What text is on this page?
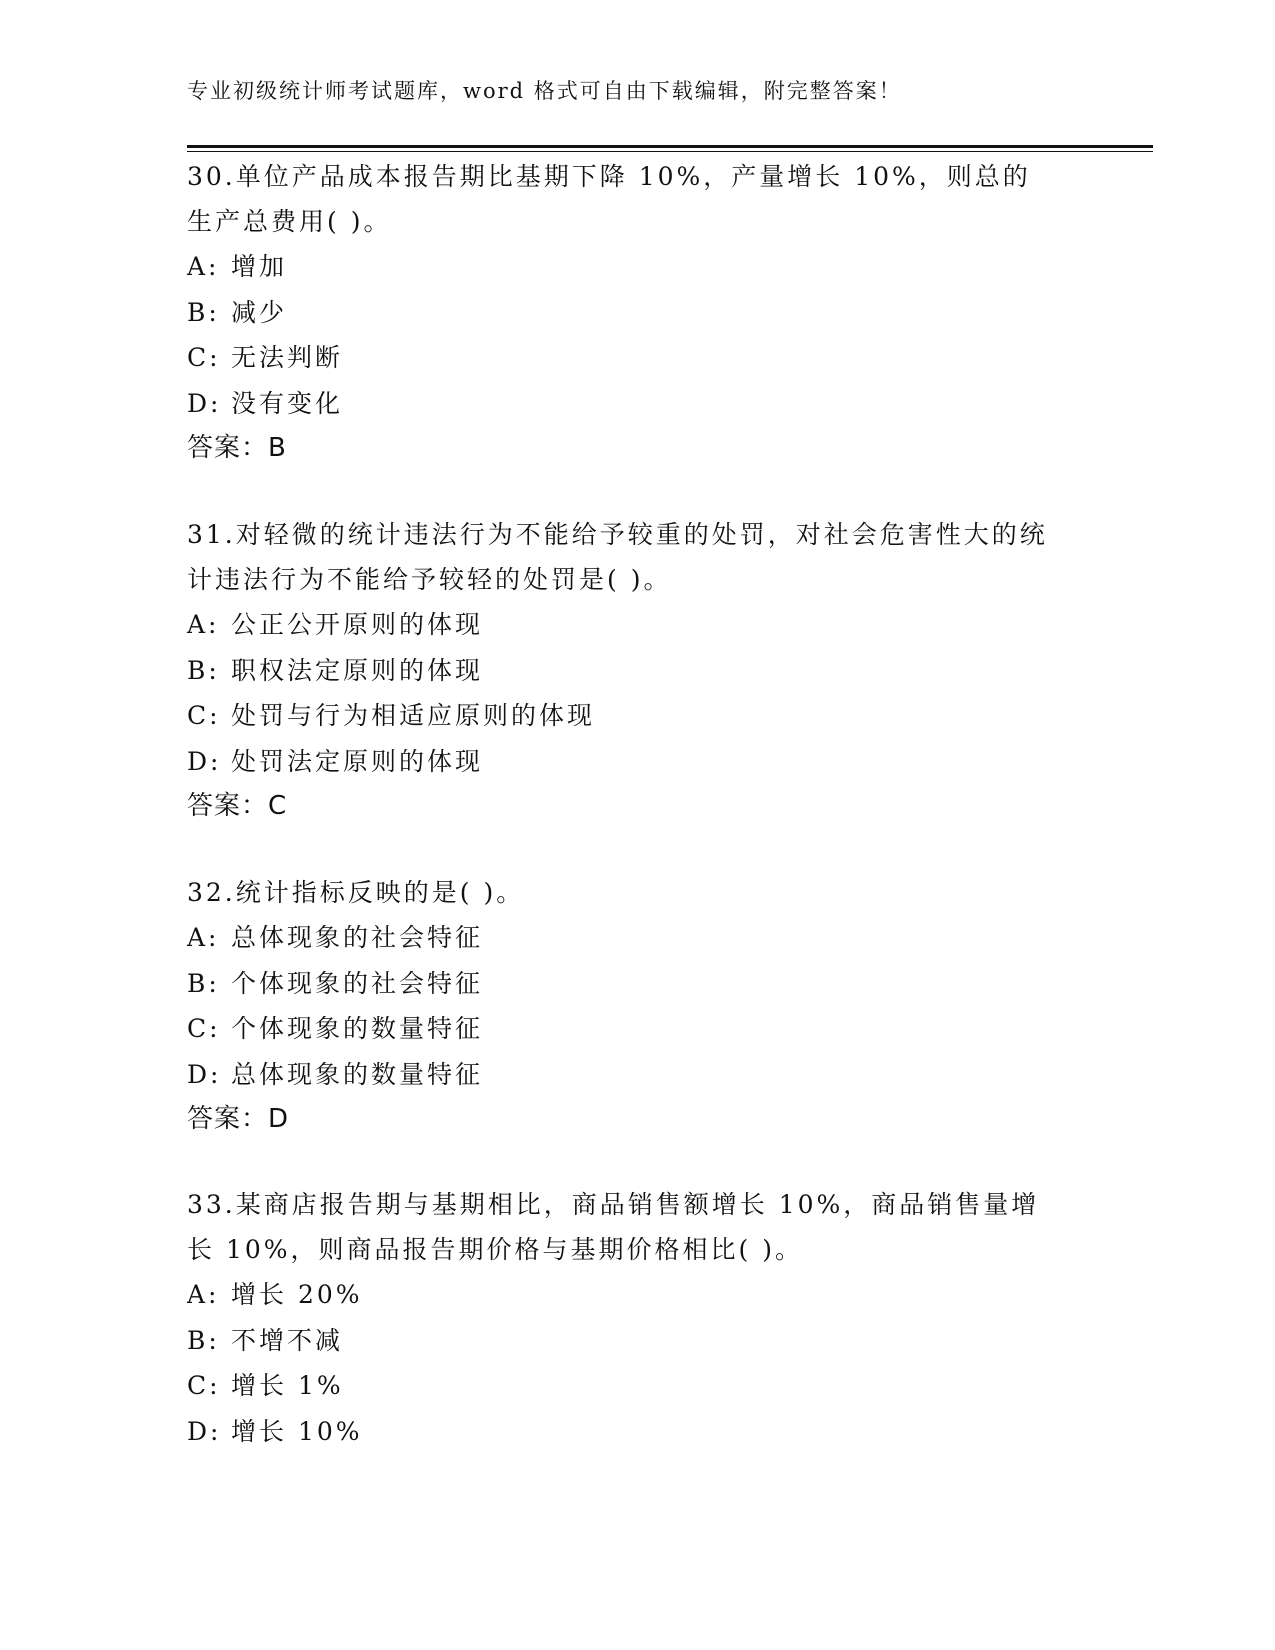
专业初级统计师考试题库，word 格式可自由下载编辑，附完整答案！

30.单位产品成本报告期比基期下降 10%，产量增长 10%，则总的生产总费用( )。

A: 增加

B: 减少

C: 无法判断

D: 没有变化

答案：B

31.对轻微的统计违法行为不能给予较重的处罚，对社会危害性大的统计违法行为不能给予较轻的处罚是( )。

A: 公正公开原则的体现

B: 职权法定原则的体现

C: 处罚与行为相适应原则的体现

D: 处罚法定原则的体现

答案：C

32.统计指标反映的是( )。

A: 总体现象的社会特征

B: 个体现象的社会特征

C: 个体现象的数量特征

D: 总体现象的数量特征

答案：D

33.某商店报告期与基期相比，商品销售额增长 10%，商品销售量增长 10%，则商品报告期价格与基期价格相比( )。

A: 增长 20%

B: 不增不减

C: 增长 1%

D: 增长 10%
